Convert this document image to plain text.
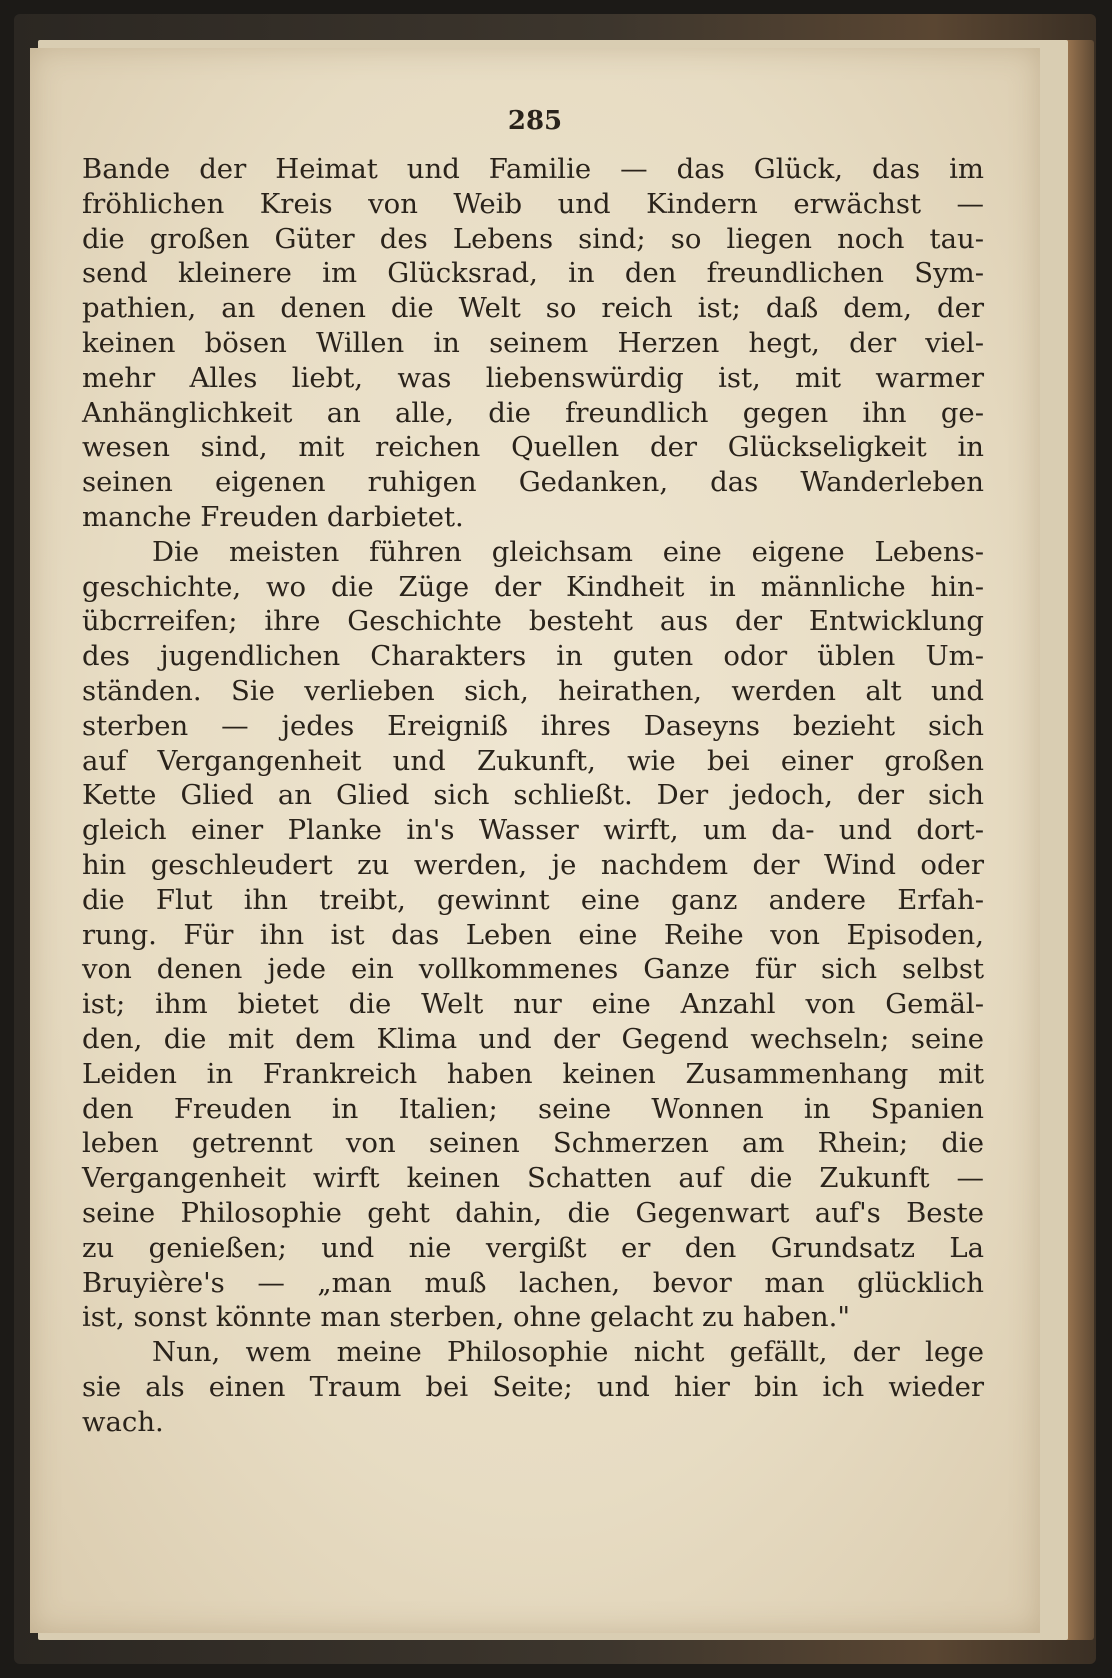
285
Bande der Heimat und Familie — das Glück, das im
fröhlichen Kreis von Weib und Kindern erwächst —
die großen Güter des Lebens sind; so liegen noch tau-
send kleinere im Glücksrad, in den freundlichen Sym-
pathien, an denen die Welt so reich ist; daß dem, der
keinen bösen Willen in seinem Herzen hegt, der viel-
mehr Alles liebt, was liebenswürdig ist, mit warmer
Anhänglichkeit an alle, die freundlich gegen ihn ge-
wesen sind, mit reichen Quellen der Glückseligkeit in
seinen eigenen ruhigen Gedanken, das Wanderleben
manche Freuden darbietet.
Die meisten führen gleichsam eine eigene Lebens-
geschichte, wo die Züge der Kindheit in männliche hin-
übcrreifen; ihre Geschichte besteht aus der Entwicklung
des jugendlichen Charakters in guten odor üblen Um-
ständen. Sie verlieben sich, heirathen, werden alt und
sterben — jedes Ereigniß ihres Daseyns bezieht sich
auf Vergangenheit und Zukunft, wie bei einer großen
Kette Glied an Glied sich schließt. Der jedoch, der sich
gleich einer Planke in's Wasser wirft, um da- und dort-
hin geschleudert zu werden, je nachdem der Wind oder
die Flut ihn treibt, gewinnt eine ganz andere Erfah-
rung. Für ihn ist das Leben eine Reihe von Episoden,
von denen jede ein vollkommenes Ganze für sich selbst
ist; ihm bietet die Welt nur eine Anzahl von Gemäl-
den, die mit dem Klima und der Gegend wechseln; seine
Leiden in Frankreich haben keinen Zusammenhang mit
den Freuden in Italien; seine Wonnen in Spanien
leben getrennt von seinen Schmerzen am Rhein; die
Vergangenheit wirft keinen Schatten auf die Zukunft —
seine Philosophie geht dahin, die Gegenwart auf's Beste
zu genießen; und nie vergißt er den Grundsatz La
Bruyière's — „man muß lachen, bevor man glücklich
ist, sonst könnte man sterben, ohne gelacht zu haben."
Nun, wem meine Philosophie nicht gefällt, der lege
sie als einen Traum bei Seite; und hier bin ich wieder
wach.
